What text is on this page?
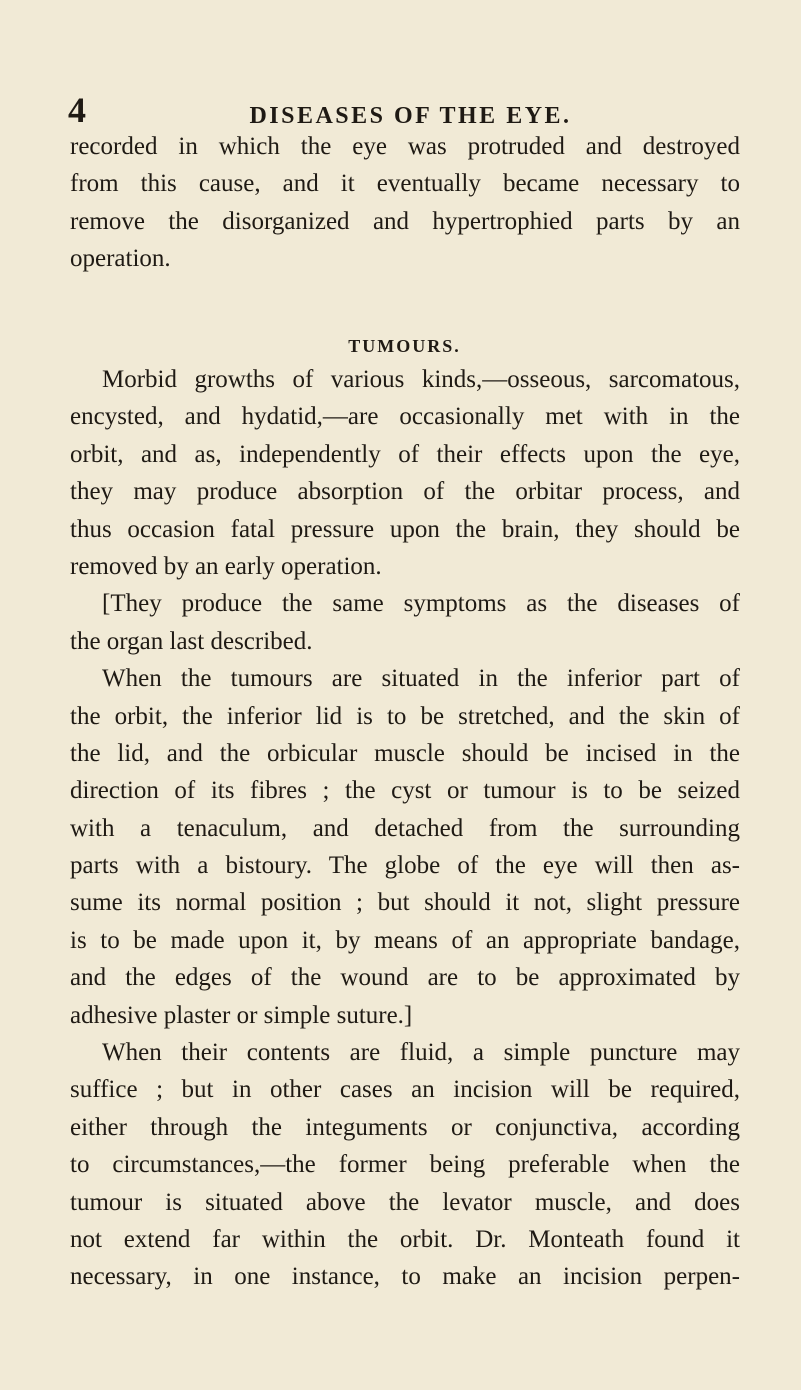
4	DISEASES OF THE EYE.
recorded in which the eye was protruded and destroyed
from this cause, and it eventually became necessary to
remove the disorganized and hypertrophied parts by an
operation.
TUMOURS.
Morbid growths of various kinds,—osseous, sarcomatous,
encysted, and hydatid,—are occasionally met with in the
orbit, and as, independently of their effects upon the eye,
they may produce absorption of the orbitar process, and
thus occasion fatal pressure upon the brain, they should be
removed by an early operation.
[They produce the same symptoms as the diseases of
the organ last described.
When the tumours are situated in the inferior part of
the orbit, the inferior lid is to be stretched, and the skin of
the lid, and the orbicular muscle should be incised in the
direction of its fibres ; the cyst or tumour is to be seized
with a tenaculum, and detached from the surrounding
parts with a bistoury. The globe of the eye will then as-
sume its normal position ; but should it not, slight pressure
is to be made upon it, by means of an appropriate bandage,
and the edges of the wound are to be approximated by
adhesive plaster or simple suture.]
When their contents are fluid, a simple puncture may
suffice ; but in other cases an incision will be required,
either through the integuments or conjunctiva, according
to circumstances,—the former being preferable when the
tumour is situated above the levator muscle, and does
not extend far within the orbit. Dr. Monteath found it
necessary, in one instance, to make an incision perpen-
